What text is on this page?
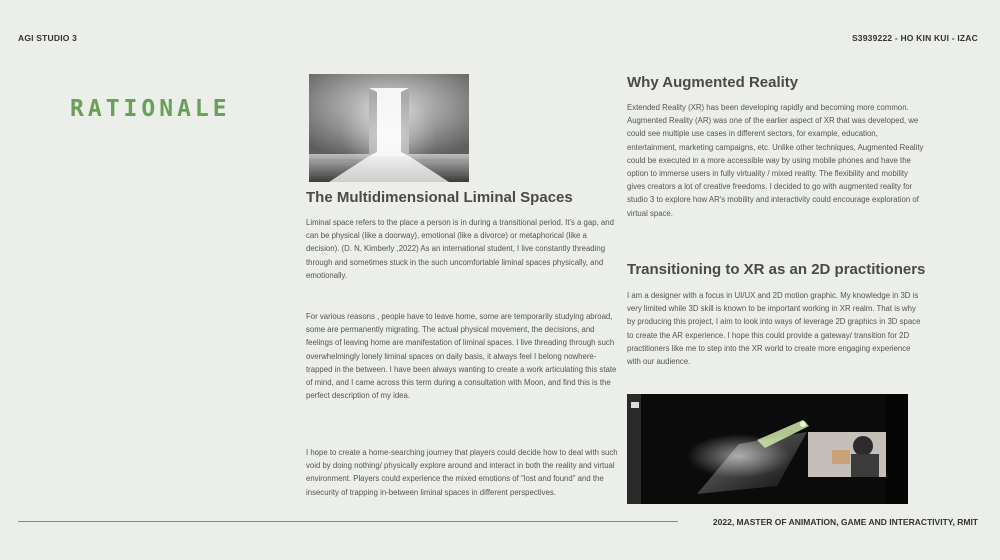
AGI STUDIO 3	S3939222 - HO KIN KUI - IZAC
RATIONALE
The Multidimensional Liminal Spaces

Liminal space refers to the place a person is in during a transitional period. It's a gap, and can be physical (like a doorway), emotional (like a divorce) or metaphorical (like a decision). (D. N. Kimberly ,2022) As an international student, I live constantly threading through and sometimes stuck in the such uncomfortable liminal spaces physically, and emotionally.

For various reasons , people have to leave home, some are temporarily studying abroad, some are permanently migrating. The actual physical movement, the decisions, and feelings of leaving home are manifestation of liminal spaces. I live threading through such overwhelmingly lonely liminal spaces on daily basis, it always feel I belong nowhere- trapped in the between. I have been always wanting to create a work articulating this state of mind, and I came across this term during a consultation with Moon, and find this is the perfect description of my idea.

I hope to create a home-searching journey that players could decide how to deal with such void by doing nothing/ physically explore around and interact in both the reality and virtual environment. Players could experience the mixed emotions of "lost and found" and the insecurity of trapping in-between liminal spaces in different perspectives.

Why Augmented Reality

Extended Reality (XR) has been developing rapidly and becoming more common. Augmented Reality (AR) was one of the earlier aspect of XR that was developed, we could see multiple use cases in different sectors, for example, education, entertainment, marketing campaigns, etc. Unlike other techniques, Augmented Reality could be executed in a more accessible way by using mobile phones and have the option to immerse users in fully virtuality / mixed reality. The flexibility and mobility gives creators a lot of creative freedoms. I decided to go with augmented reality for studio 3 to explore how AR's mobility and interactivity could encourage exploration of virtual space.

Transitioning to XR as an 2D practitioners

I am a designer with a focus in UI/UX and 2D motion graphic. My knowledge in 3D is very limited while 3D skill is known to be important working in XR realm. That is why by producing this project, I aim to look into ways of leverage 2D graphics in 3D space to create the AR experience. I hope this could provide a gateway/ transition for 2D practitioners like me to step into the XR world to create more engaging experience with our audience.

2022, MASTER OF ANIMATION, GAME AND INTERACTIVITY, RMIT
